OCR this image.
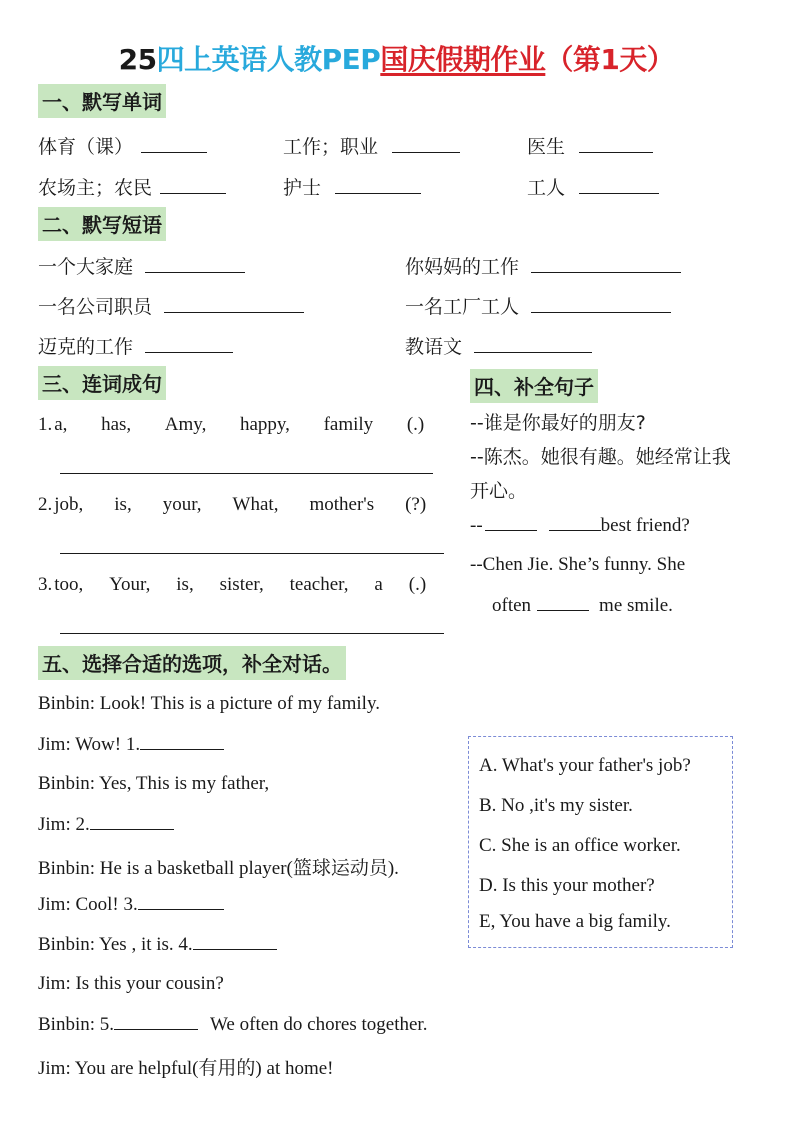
25四上英语人教PEP国庆假期作业（第1天）
一、默写单词
体育（课）	工作；职业	医生
农场主；农民	护士	工人
二、默写短语
一个大家庭	你妈妈的工作
一名公司职员	一名工厂工人
迈克的工作	教语文
三、连词成句
1. a, has, Amy, happy, family (.)
2. job, is, your, What, mother's (?)
3. too, Your, is, sister, teacher, a (.)
四、补全句子
--谁是你最好的朋友?
--陈杰。她很有趣。她经常让我
开心。
--	best friend?
--Chen Jie. She’s funny. She
often	me smile.
五、选择合适的选项，补全对话。
Binbin: Look! This is a picture of my family.
Jim: Wow! 1.
Binbin: Yes, This is my father,
Jim: 2.
Binbin: He is a basketball player(篮球运动员).
Jim: Cool! 3.
Binbin: Yes , it is. 4.
Jim: Is this your cousin?
Binbin: 5.	We often do chores together.
Jim: You are helpful(有用的) at home!
A. What's your father's job?
B. No ,it's my sister.
C. She is an office worker.
D. Is this your mother?
E, You have a big family.
